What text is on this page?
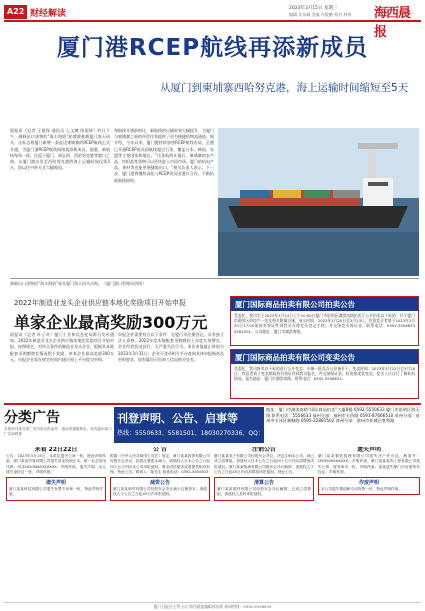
A22 财经解读
2023年3月15日 星期三
编辑 吴东城 美编 许俊鹏 校对 林伟 海西晨报
厦门港RCEP航线再添新成员
从厦门到柬埔寨西哈努克港，海上运输时间缩短至5天
晨报讯（记者 王建锋 通讯员 么文博 陈丽妍）昨日下午，满载出口货物的“海丰海防”轮缓缓驶离厦门海天码头，这标志着厦门新增一条直达柬埔寨的RCEP航线正式开通，为厦门港RCEP航线网络再添新成员。据悉，新航线每周一班，往返于厦门、胡志明、西哈努克港等港口之间，从厦门港出发至西哈努克港的海上运输时间仅需5天，较以往中转方式大幅缩短。
和航线开通前相比，新航线的运输时效大幅提升，为厦门与柬埔寨之间的经贸往来提供了更为便捷的物流通道。据介绍，今年以来，厦门港持续加密RCEP航线布局，全港已开通RCEP成员国航线超过百条，覆盖日本、韩国、东盟等主要国家和地区。“这条航线开通后，柬埔寨的农产品、纺织品等货物可以更快进入中国市场，厦门的机电产品、建材等也能更便捷地出口。”相关负责人表示，下一步，厦门港将继续深化与RCEP成员国港口合作，不断拓展航线网络。
满载出口货物的“海丰海防”轮从厦门海天码头启航。（厦门港口管理局供图）
2022年制造业龙头企业供应链本地化奖励项目开始申报
单家企业最高奖励300万元
晨报讯（记者 叶子奇）厦门工业和信息化局昨日发布通知，2022年制造业龙头企业供应链本地化奖励项目开始申报。按照规定，对符合条件的制造业龙头企业，根据其本地配套采购额增长情况给予奖励，单家企业最高奖励300万元。申报企业需在规定时间内通过网上平台提交材料。
申报企业需要符合以下条件：在厦门市注册登记，具有独立法人资格；2022年度本地配套采购额较上年度实现增长；企业经营状况良好，无严重失信行为。本次申报截止时间为2023年3月31日。企业可登录相关平台查询具体申报指南及材料要求，如有疑问可咨询工信局相关处室。
厦门国际商品拍卖有限公司拍卖公告
受委托，我司定于2023年3月24日上午10:00在厦门市思明区湖滨南路拍卖厅公开拍卖以下标的：位于厦门市湖里区的房产一处及相关附属设施。展示时间：2023年3月20日至3月23日。有意竞买者请于2023年3月23日17:00前持有效证件到我司办理竞买登记手续，并交纳竞买保证金。联系电话：0592-5556633 5581501。公司地址：厦门市湖滨南路。
厦门国际商品拍卖有限公司变卖公告
受委托，我司将对以下标的进行公开变卖：车辆一批及办公设备若干。变卖时间：2023年3月22日至3月28日。有意者请于变卖期间持有效证件到我司报名，并交纳保证金。标的按现状变卖，竞买人应自行了解标的情况。报名地址：厦门市湖滨南路。联系电话：0592-5556633。
分类广告
本报所刊登分类广告内容仅供参考，请读者谨慎核实，如有疑问请与广告部联系
刊登声明、公告、启事等
热线：5550633、5581501、18030270336、QQ：2295580096
地址：厦门市湖滨南路“国际商品拍卖”大厦8楼 0592-5550633 厦门市思明区海天路 联系电话：5556633 福州分部：福州市五四路 0591-87666510 泉州分部：泉州市丰泽区刺桐路 0595-22881502 漳州分部：漳州市芗城区胜利路
来看 22日22日
公告：2023年3月15日，本单位遗失公章一枚，特此声明作废。厦门某某贸易有限公司遗失营业执照正本，统一社会信用代码：91350200MA3XXXXX，声明作废。遗失声明：本人遗失身份证一张，声明作废。
遗失声明
厦门某某科技有限公司遗失发票专用章一枚，特此声明作废。
公 告
根据《中华人民共和国公司法》规定，厦门某某投资有限公司经股东会决议，拟将注册资本减少。请债权人自本公告之日起四十五日内向本公司申报债权，要求清偿债务或者提供相应担保。特此公告。联系人：陈先生 联系电话：0592-5550633
减资公告
厦门某某商贸有限公司经股东会决议减少注册资本，请债权人于公告之日起45日内申报债权。
注销公告
厦门某某电子有限公司经股东会决议，决定注销本公司，现已成立清算组。请债权人自本公告之日起四十五日内向清算组申报债权。厦门某某物流有限公司股东会决议解散，请债权人于公告之日起45日内向清算组申报债权。特此公告。
清算公告
厦门某某建材有限公司经股东会决议解散，已成立清算组，请债权人及时申报债权。
遗失声明
厦门某某餐饮管理有限公司遗失开户许可证，核准号：J3930000XXXXX，声明作废。厦门某某装饰工程有限公司遗失公章、财务章各一枚，声明作废。某某遗失厦门市房屋所有权证，声明作废。
作废声明
本公司遗失增值税专用发票一份，特此声明作废。
厦门日报社主管主办 海西晨报编辑部出版 新闻热线：0592-5556633
